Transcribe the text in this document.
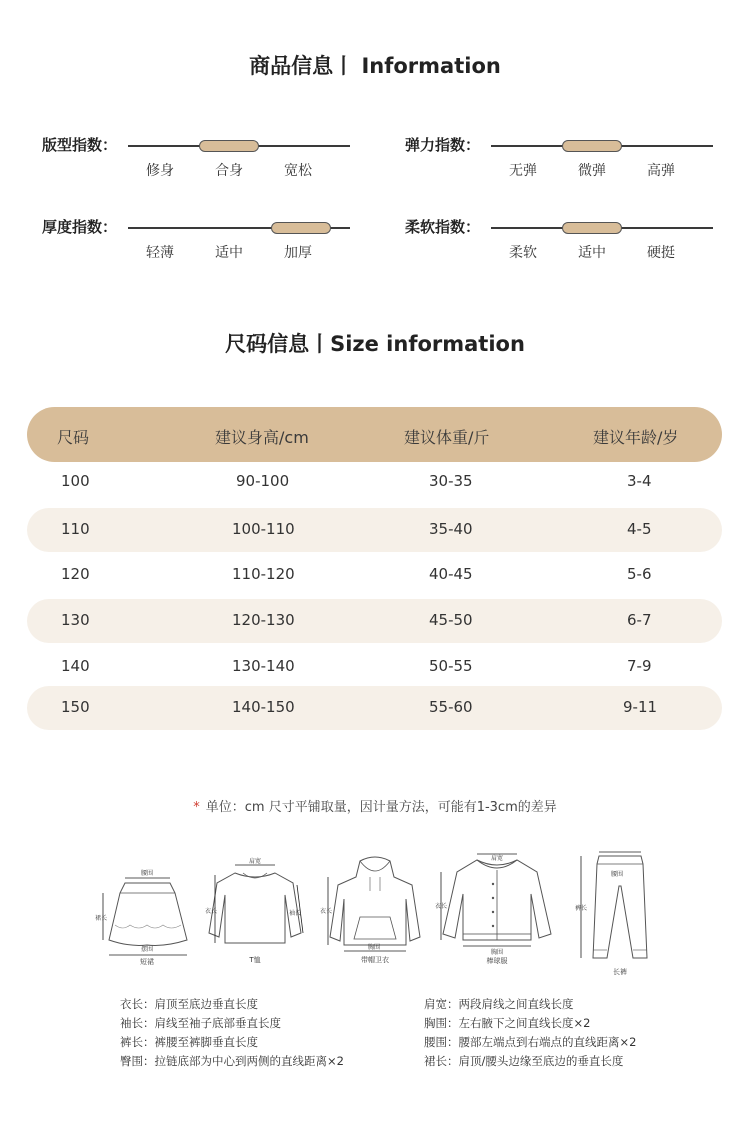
商品信息丨 Information
版型指数：
修身	合身	宽松
弹力指数：
无弹	微弹	高弹
厚度指数：
轻薄	适中	加厚
柔软指数：
柔软	适中	硬挺
尺码信息丨Size information
尺码	建议身高/cm	建议体重/斤	建议年龄/岁
100	90-100	30-35	3-4
110	100-110	35-40	4-5
120	110-120	40-45	5-6
130	120-130	45-50	6-7
140	130-140	50-55	7-9
150	140-150	55-60	9-11
* 单位：cm 尺寸平铺取量，因计量方法，可能有1-3cm的差异
腰围
裙长
摆围
短裙
肩宽
衣长	袖长
T恤
衣长
胸围
带帽卫衣
肩宽
衣长
胸围
棒球服
裤长
腰围
长裤
衣长：肩顶至底边垂直长度
袖长：肩线至袖子底部垂直长度
裤长：裤腰至裤脚垂直长度
臀围：拉链底部为中心到两侧的直线距离×2
肩宽：两段肩线之间直线长度
胸围：左右腋下之间直线长度×2
腰围：腰部左端点到右端点的直线距离×2
裙长：肩顶/腰头边缘至底边的垂直长度
